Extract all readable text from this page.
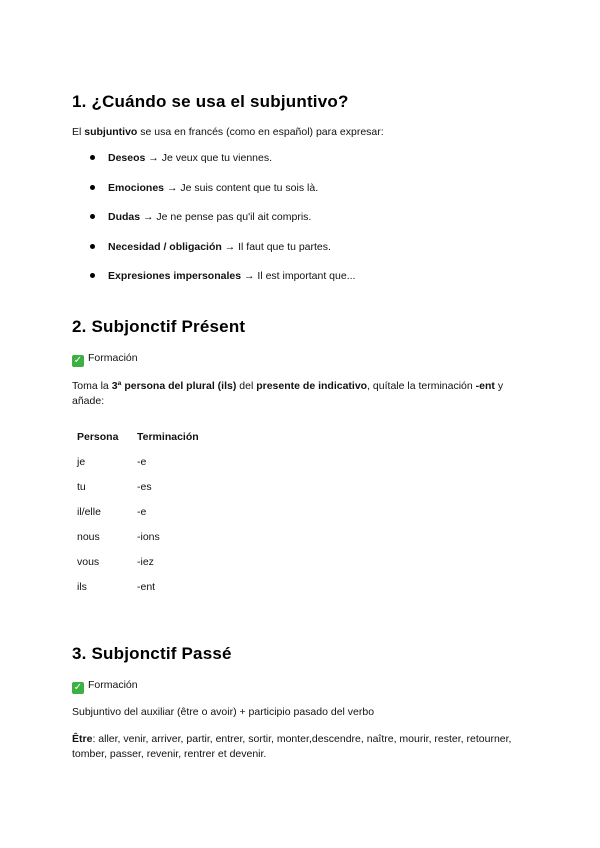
1. ¿Cuándo se usa el subjuntivo?

El subjuntivo se usa en francés (como en español) para expresar:

Deseos → Je veux que tu viennes.
Emociones → Je suis content que tu sois là.
Dudas → Je ne pense pas qu'il ait compris.
Necesidad / obligación → Il faut que tu partes.
Expresiones impersonales → Il est important que...
2. Subjonctif Présent

✓ Formación

Toma la 3ª persona del plural (ils) del presente de indicativo, quítale la terminación -ent y añade:

Persona	Terminación
je	-e
tu	-es
il/elle	-e
nous	-ions
vous	-iez
ils	-ent
3. Subjonctif Passé

✓ Formación

Subjuntivo del auxiliar (être o avoir) + participio pasado del verbo

Être: aller, venir, arriver, partir, entrer, sortir, monter,descendre, naître, mourir, rester, retourner, tomber, passer, revenir, rentrer et devenir.
